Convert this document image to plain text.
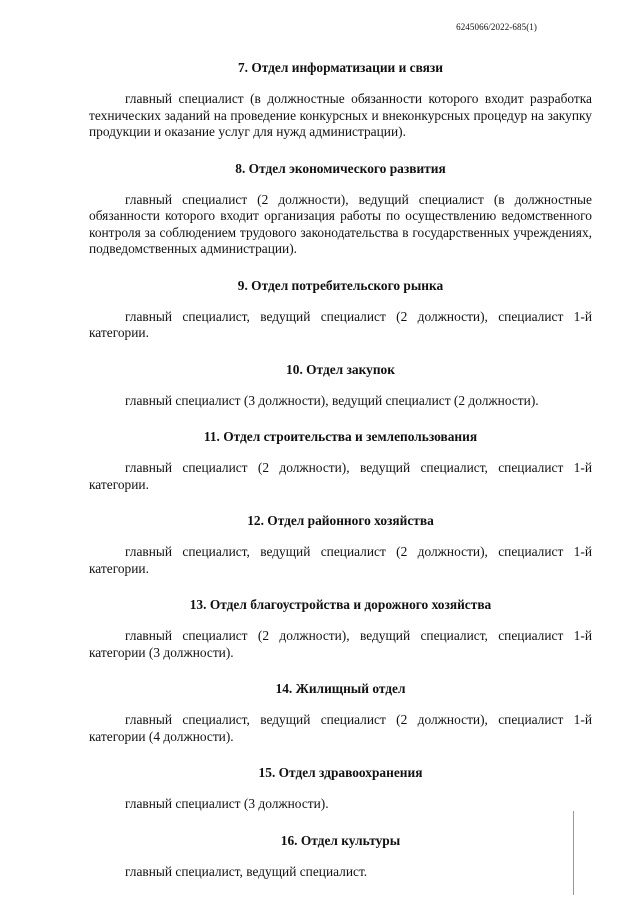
6245066/2022-685(1)

7. Отдел информатизации и связи

главный специалист (в должностные обязанности которого входит разработка технических заданий на проведение конкурсных и внеконкурсных процедур на закупку продукции и оказание услуг для нужд администрации).

8. Отдел экономического развития

главный специалист (2 должности), ведущий специалист (в должностные обязанности которого входит организация работы по осуществлению ведомственного контроля за соблюдением трудового законодательства в государственных учреждениях, подведомственных администрации).

9. Отдел потребительского рынка

главный специалист, ведущий специалист (2 должности), специалист 1-й категории.

10. Отдел закупок

главный специалист (3 должности), ведущий специалист (2 должности).

11. Отдел строительства и землепользования

главный специалист (2 должности), ведущий специалист, специалист 1-й категории.

12. Отдел районного хозяйства

главный специалист, ведущий специалист (2 должности), специалист 1-й категории.

13. Отдел благоустройства и дорожного хозяйства

главный специалист (2 должности), ведущий специалист, специалист 1-й категории (3 должности).

14. Жилищный отдел

главный специалист, ведущий специалист (2 должности), специалист 1-й категории (4 должности).

15. Отдел здравоохранения

главный специалист (3 должности).

16. Отдел культуры

главный специалист, ведущий специалист.
